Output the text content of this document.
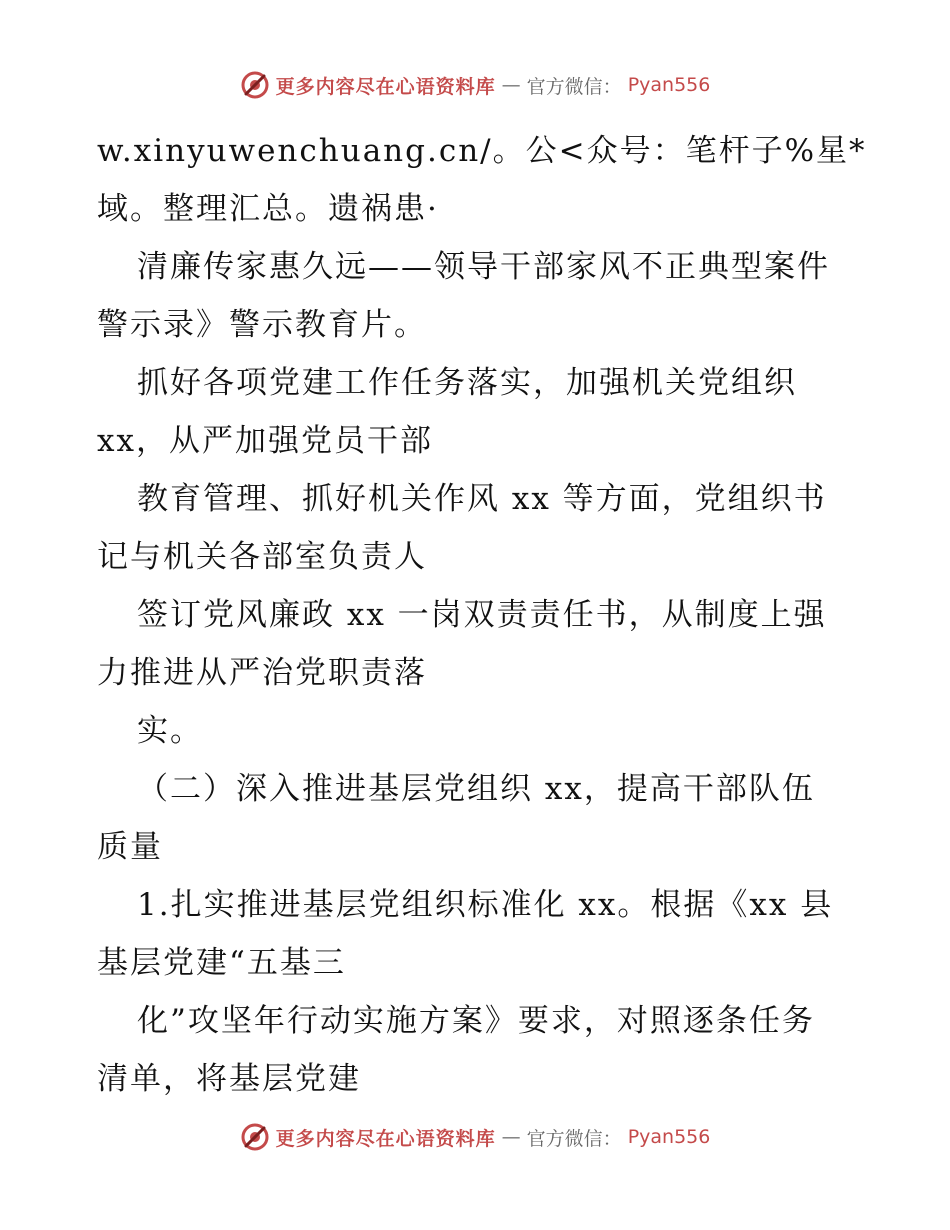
更多内容尽在心语资料库 — 官方微信： Pyan556
w.xinyuwenchuang.cn/。公<众号：笔杆子%星*
域。整理汇总。遗祸患·
清廉传家惠久远——领导干部家风不正典型案件
警示录》警示教育片。
抓好各项党建工作任务落实，加强机关党组织
xx，从严加强党员干部
教育管理、抓好机关作风 xx 等方面，党组织书
记与机关各部室负责人
签订党风廉政 xx 一岗双责责任书，从制度上强
力推进从严治党职责落
实。
（二）深入推进基层党组织 xx，提高干部队伍
质量
1.扎实推进基层党组织标准化 xx。根据《xx 县
基层党建“五基三
化”攻坚年行动实施方案》要求，对照逐条任务
清单，将基层党建
更多内容尽在心语资料库 — 官方微信： Pyan556
